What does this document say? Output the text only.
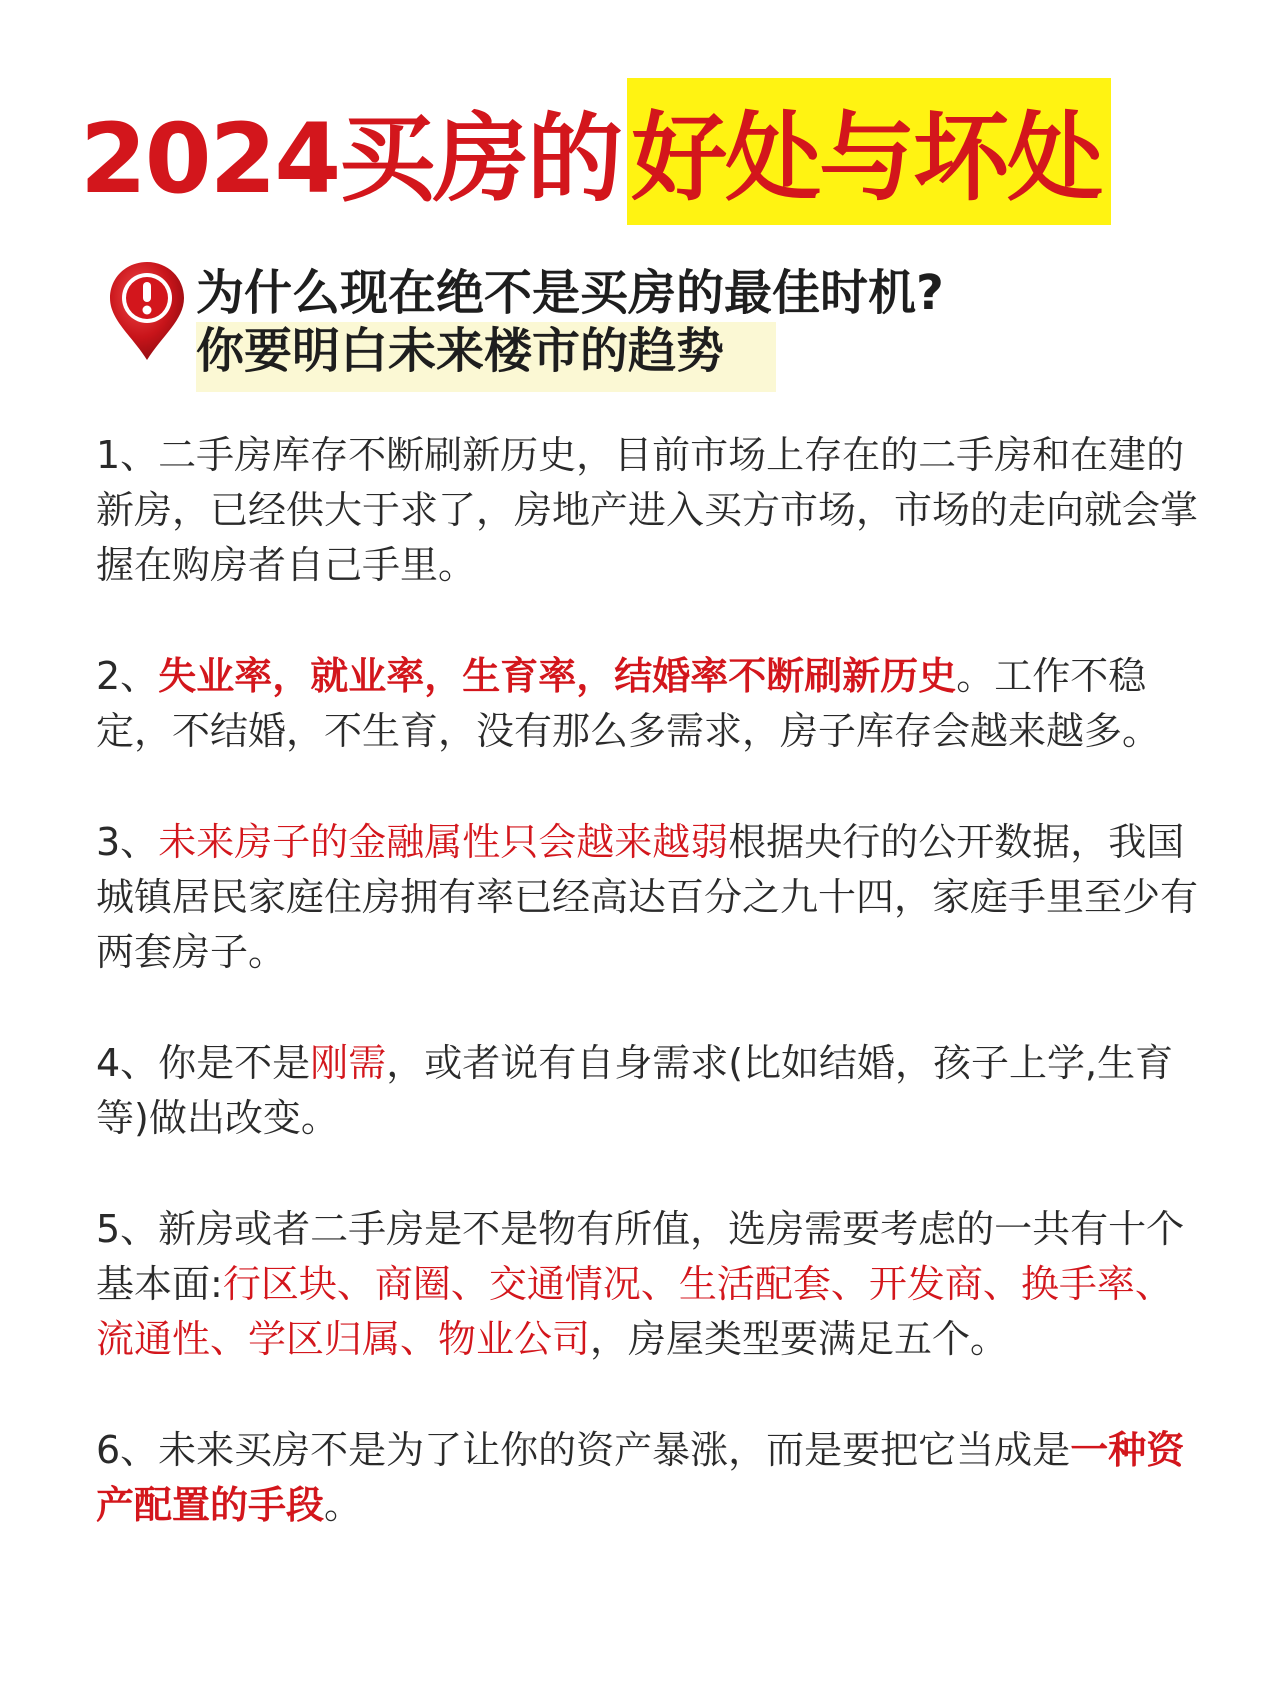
2024买房的 好处与坏处
为什么现在绝不是买房的最佳时机?
你要明白未来楼市的趋势

1、二手房库存不断刷新历史，目前市场上存在的二手房和在建的新房，已经供大于求了，房地产进入买方市场，市场的走向就会掌握在购房者自己手里。

2、失业率，就业率，生育率，结婚率不断刷新历史。工作不稳定，不结婚，不生育，没有那么多需求，房子库存会越来越多。

3、未来房子的金融属性只会越来越弱根据央行的公开数据，我国城镇居民家庭住房拥有率已经高达百分之九十四，家庭手里至少有两套房子。

4、你是不是刚需，或者说有自身需求(比如结婚，孩子上学,生育等)做出改变。

5、新房或者二手房是不是物有所值，选房需要考虑的一共有十个基本面:行区块、商圈、交通情况、生活配套、开发商、换手率、流通性、学区归属、物业公司，房屋类型要满足五个。

6、未来买房不是为了让你的资产暴涨，而是要把它当成是一种资产配置的手段。
